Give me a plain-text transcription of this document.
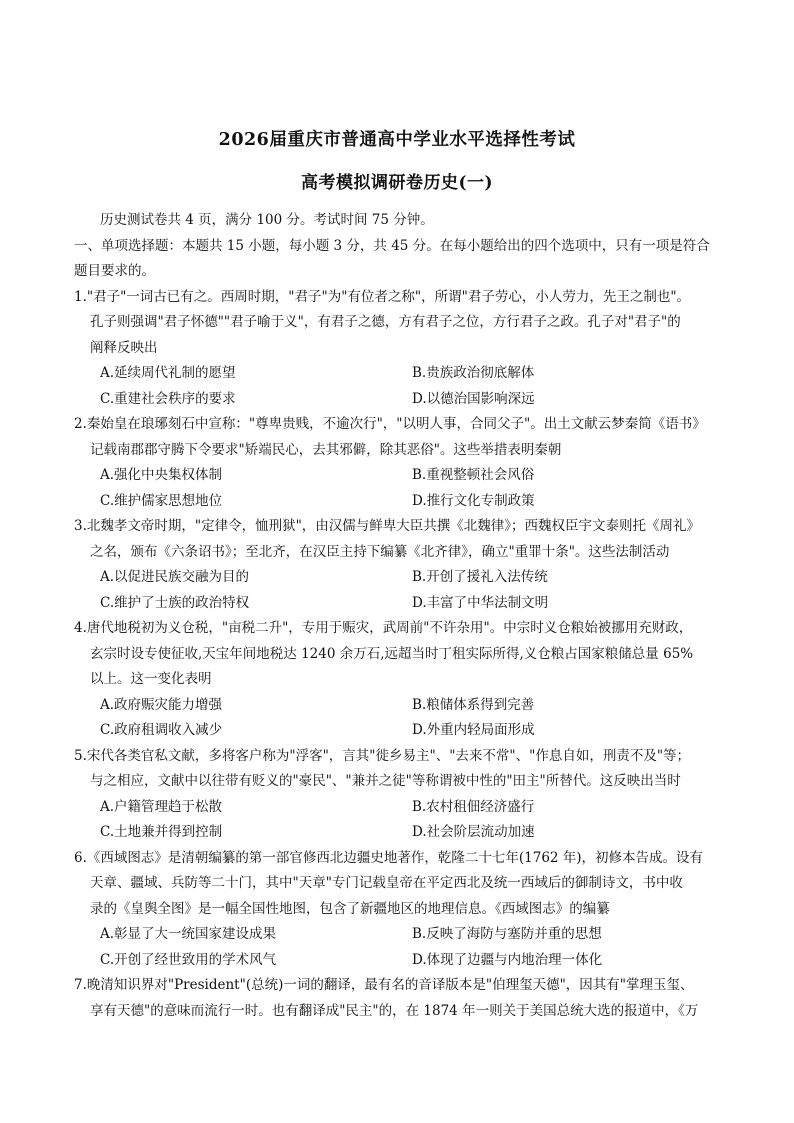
2026届重庆市普通高中学业水平选择性考试
高考模拟调研卷历史(一)
历史测试卷共 4 页，满分 100 分。考试时间 75 分钟。
一、单项选择题：本题共 15 小题，每小题 3 分，共 45 分。在每小题给出的四个选项中，只有一项是符合
题目要求的。
1."君子"一词古已有之。西周时期，"君子"为"有位者之称"，所谓"君子劳心，小人劳力，先王之制也"。
孔子则强调"君子怀德""君子喻于义"，有君子之德，方有君子之位，方行君子之政。孔子对"君子"的
阐释反映出
A.延续周代礼制的愿望	B.贵族政治彻底解体
C.重建社会秩序的要求	D.以德治国影响深远
2.秦始皇在琅琊刻石中宣称："尊卑贵贱，不逾次行"，"以明人事，合同父子"。出土文献云梦秦简《语书》
记载南郡郡守腾下令要求"矫端民心，去其邪僻，除其恶俗"。这些举措表明秦朝
A.强化中央集权体制	B.重视整顿社会风俗
C.维护儒家思想地位	D.推行文化专制政策
3.北魏孝文帝时期，"定律令，恤刑狱"，由汉儒与鲜卑大臣共撰《北魏律》；西魏权臣宇文泰则托《周礼》
之名，颁布《六条诏书》；至北齐，在汉臣主持下编纂《北齐律》，确立"重罪十条"。这些法制活动
A.以促进民族交融为目的	B.开创了援礼入法传统
C.维护了士族的政治特权	D.丰富了中华法制文明
4.唐代地税初为义仓税，"亩税二升"，专用于赈灾，武周前"不许杂用"。中宗时义仓粮始被挪用充财政，
玄宗时设专使征收,天宝年间地税达 1240 余万石,远超当时丁租实际所得,义仓粮占国家粮储总量 65%
以上。这一变化表明
A.政府赈灾能力增强	B.粮储体系得到完善
C.政府租调收入减少	D.外重内轻局面形成
5.宋代各类官私文献，多将客户称为"浮客"，言其"徙乡易主"、"去来不常"、"作息自如，刑责不及"等；
与之相应，文献中以往带有贬义的"豪民"、"兼并之徒"等称谓被中性的"田主"所替代。这反映出当时
A.户籍管理趋于松散	B.农村租佃经济盛行
C.土地兼并得到控制	D.社会阶层流动加速
6.《西域图志》是清朝编纂的第一部官修西北边疆史地著作，乾隆二十七年(1762 年)，初修本告成。设有
天章、疆域、兵防等二十门，其中"天章"专门记载皇帝在平定西北及统一西域后的御制诗文，书中收
录的《皇舆全图》是一幅全国性地图，包含了新疆地区的地理信息。《西域图志》的编纂
A.彰显了大一统国家建设成果	B.反映了海防与塞防并重的思想
C.开创了经世致用的学术风气	D.体现了边疆与内地治理一体化
7.晚清知识界对"President"(总统)一词的翻译，最有名的音译版本是"伯理玺天德"，因其有"掌理玉玺、
享有天德"的意味而流行一时。也有翻译成"民主"的，在 1874 年一则关于美国总统大选的报道中，《万
